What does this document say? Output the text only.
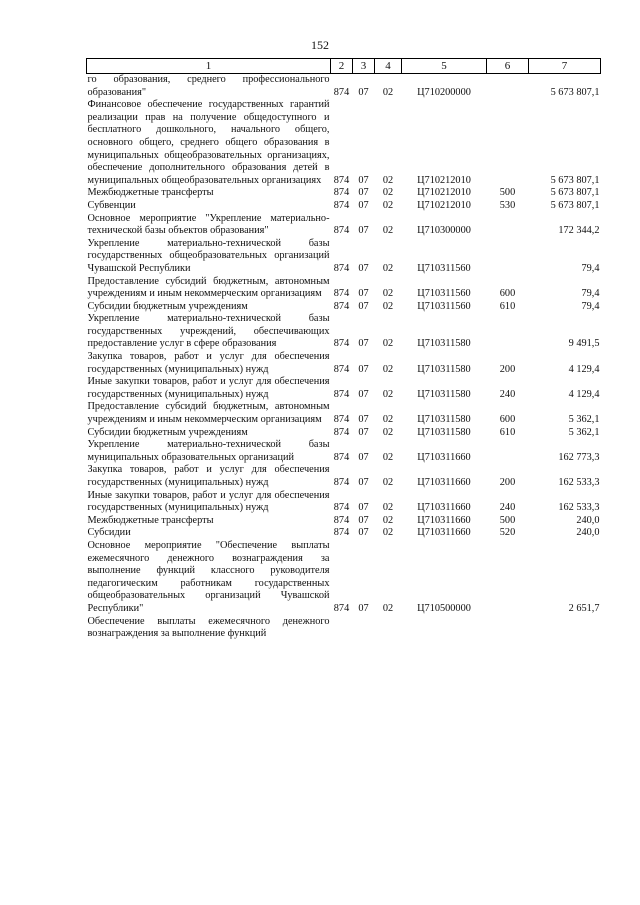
152
1	2	3	4	5	6	7
го образования, среднего профессионального образования"	874	07	02	Ц710200000		5 673 807,1
Финансовое обеспечение государственных гарантий реализации прав на получение общедоступного и бесплатного дошкольного, начального общего, основного общего, среднего общего образования в муниципальных общеобразовательных организациях, обеспечение дополнительного образования детей в муниципальных общеобразовательных организациях	874	07	02	Ц710212010		5 673 807,1
Межбюджетные трансферты	874	07	02	Ц710212010	500	5 673 807,1
Субвенции	874	07	02	Ц710212010	530	5 673 807,1
Основное мероприятие "Укрепление материально-технической базы объектов образования"	874	07	02	Ц710300000		172 344,2
Укрепление материально-технической базы государственных общеобразовательных организаций Чувашской Республики	874	07	02	Ц710311560		79,4
Предоставление субсидий бюджетным, автономным учреждениям и иным некоммерческим организациям	874	07	02	Ц710311560	600	79,4
Субсидии бюджетным учреждениям	874	07	02	Ц710311560	610	79,4
Укрепление материально-технической базы государственных учреждений, обеспечивающих предоставление услуг в сфере образования	874	07	02	Ц710311580		9 491,5
Закупка товаров, работ и услуг для обеспечения государственных (муниципальных) нужд	874	07	02	Ц710311580	200	4 129,4
Иные закупки товаров, работ и услуг для обеспечения государственных (муниципальных) нужд	874	07	02	Ц710311580	240	4 129,4
Предоставление субсидий бюджетным, автономным учреждениям и иным некоммерческим организациям	874	07	02	Ц710311580	600	5 362,1
Субсидии бюджетным учреждениям	874	07	02	Ц710311580	610	5 362,1
Укрепление материально-технической базы муниципальных образовательных организаций	874	07	02	Ц710311660		162 773,3
Закупка товаров, работ и услуг для обеспечения государственных (муниципальных) нужд	874	07	02	Ц710311660	200	162 533,3
Иные закупки товаров, работ и услуг для обеспечения государственных (муниципальных) нужд	874	07	02	Ц710311660	240	162 533,3
Межбюджетные трансферты	874	07	02	Ц710311660	500	240,0
Субсидии	874	07	02	Ц710311660	520	240,0
Основное мероприятие "Обеспечение выплаты ежемесячного денежного вознаграждения за выполнение функций классного руководителя педагогическим работникам государственных общеобразовательных организаций Чувашской Республики"	874	07	02	Ц710500000		2 651,7
Обеспечение выплаты ежемесячного денежного вознаграждения за выполнение функций						
